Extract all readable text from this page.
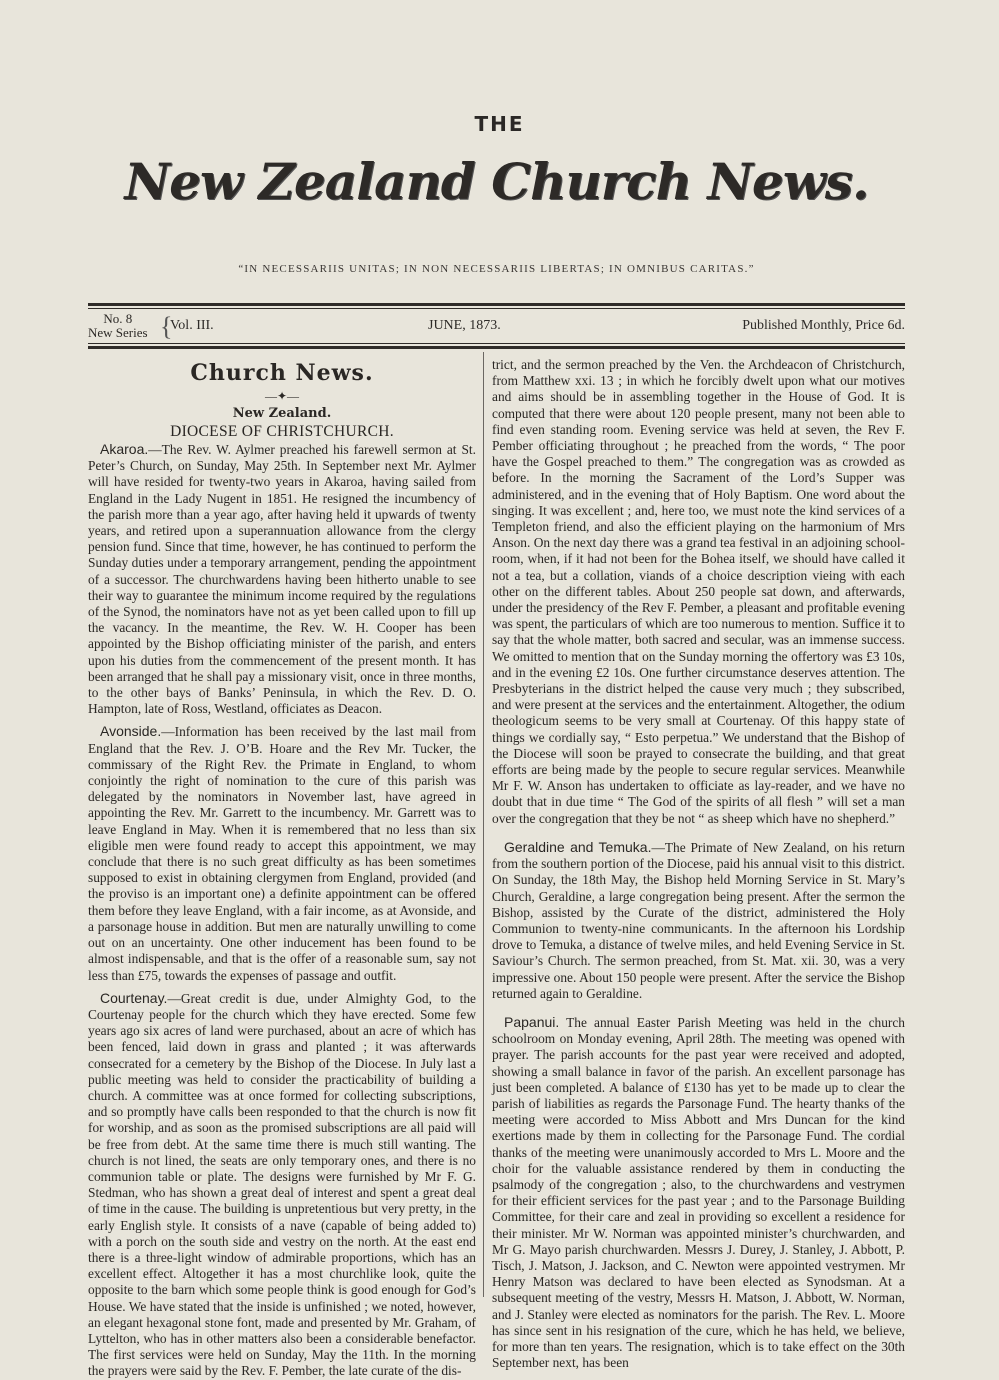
THE
New Zealand Church News.
“IN NECESSARIIS UNITAS; IN NON NECESSARIIS LIBERTAS; IN OMNIBUS CARITAS.”
No. 8
New Series {
Vol. III.	JUNE, 1873.	Published Monthly, Price 6d.
Church News.
—✦—
New Zealand.
DIOCESE OF CHRISTCHURCH.

Akaroa.—The Rev. W. Aylmer preached his farewell sermon at St. Peter’s Church, on Sunday, May 25th. In September next Mr. Aylmer will have resided for twenty-two years in Akaroa, having sailed from England in the Lady Nugent in 1851. He resigned the incumbency of the parish more than a year ago, after having held it upwards of twenty years, and retired upon a superannuation allowance from the clergy pension fund. Since that time, however, he has continued to perform the Sunday duties under a temporary arrangement, pending the appointment of a successor. The churchwardens having been hitherto unable to see their way to guarantee the minimum income required by the regulations of the Synod, the nominators have not as yet been called upon to fill up the vacancy. In the meantime, the Rev. W. H. Cooper has been appointed by the Bishop officiating minister of the parish, and enters upon his duties from the commencement of the present month. It has been arranged that he shall pay a missionary visit, once in three months, to the other bays of Banks’ Peninsula, in which the Rev. D. O. Hampton, late of Ross, Westland, officiates as Deacon.

Avonside.—Information has been received by the last mail from England that the Rev. J. O’B. Hoare and the Rev Mr. Tucker, the commissary of the Right Rev. the Primate in England, to whom conjointly the right of nomination to the cure of this parish was delegated by the nominators in November last, have agreed in appointing the Rev. Mr. Garrett to the incumbency. Mr. Garrett was to leave England in May. When it is remembered that no less than six eligible men were found ready to accept this appointment, we may conclude that there is no such great difficulty as has been sometimes supposed to exist in obtaining clergymen from England, provided (and the proviso is an important one) a definite appointment can be offered them before they leave England, with a fair income, as at Avonside, and a parsonage house in addition. But men are naturally unwilling to come out on an uncertainty. One other inducement has been found to be almost indispensable, and that is the offer of a reasonable sum, say not less than £75, towards the expenses of passage and outfit.

Courtenay.—Great credit is due, under Almighty God, to the Courtenay people for the church which they have erected. Some few years ago six acres of land were purchased, about an acre of which has been fenced, laid down in grass and planted ; it was afterwards consecrated for a cemetery by the Bishop of the Diocese. In July last a public meeting was held to consider the practicability of building a church. A committee was at once formed for collecting subscriptions, and so promptly have calls been responded to that the church is now fit for worship, and as soon as the promised subscriptions are all paid will be free from debt. At the same time there is much still wanting. The church is not lined, the seats are only temporary ones, and there is no communion table or plate. The designs were furnished by Mr F. G. Stedman, who has shown a great deal of interest and spent a great deal of time in the cause. The building is unpretentious but very pretty, in the early English style. It consists of a nave (capable of being added to) with a porch on the south side and vestry on the north. At the east end there is a three-light window of admirable proportions, which has an excellent effect. Altogether it has a most churchlike look, quite the opposite to the barn which some people think is good enough for God’s House. We have stated that the inside is unfinished ; we noted, however, an elegant hexagonal stone font, made and presented by Mr. Graham, of Lyttelton, who has in other matters also been a considerable benefactor. The first services were held on Sunday, May the 11th. In the morning the prayers were said by the Rev. F. Pember, the late curate of the dis-

trict, and the sermon preached by the Ven. the Archdeacon of Christchurch, from Matthew xxi. 13 ; in which he forcibly dwelt upon what our motives and aims should be in assembling together in the House of God. It is computed that there were about 120 people present, many not been able to find even standing room. Evening service was held at seven, the Rev F. Pember officiating throughout ; he preached from the words, “ The poor have the Gospel preached to them.” The congregation was as crowded as before. In the morning the Sacrament of the Lord’s Supper was administered, and in the evening that of Holy Baptism. One word about the singing. It was excellent ; and, here too, we must note the kind services of a Templeton friend, and also the efficient playing on the harmonium of Mrs Anson. On the next day there was a grand tea festival in an adjoining school-room, when, if it had not been for the Bohea itself, we should have called it not a tea, but a collation, viands of a choice description vieing with each other on the different tables. About 250 people sat down, and afterwards, under the presidency of the Rev F. Pember, a pleasant and profitable evening was spent, the particulars of which are too numerous to mention. Suffice it to say that the whole matter, both sacred and secular, was an immense success. We omitted to mention that on the Sunday morning the offertory was £3 10s, and in the evening £2 10s. One further circumstance deserves attention. The Presbyterians in the district helped the cause very much ; they subscribed, and were present at the services and the entertainment. Altogether, the odium theologicum seems to be very small at Courtenay. Of this happy state of things we cordially say, “ Esto perpetua.” We understand that the Bishop of the Diocese will soon be prayed to consecrate the building, and that great efforts are being made by the people to secure regular services. Meanwhile Mr F. W. Anson has undertaken to officiate as lay-reader, and we have no doubt that in due time “ The God of the spirits of all flesh ” will set a man over the congregation that they be not “ as sheep which have no shepherd.”

Geraldine and Temuka.—The Primate of New Zealand, on his return from the southern portion of the Diocese, paid his annual visit to this district. On Sunday, the 18th May, the Bishop held Morning Service in St. Mary’s Church, Geraldine, a large congregation being present. After the sermon the Bishop, assisted by the Curate of the district, administered the Holy Communion to twenty-nine communicants. In the afternoon his Lordship drove to Temuka, a distance of twelve miles, and held Evening Service in St. Saviour’s Church. The sermon preached, from St. Mat. xii. 30, was a very impressive one. About 150 people were present. After the service the Bishop returned again to Geraldine.

Papanui. The annual Easter Parish Meeting was held in the church schoolroom on Monday evening, April 28th. The meeting was opened with prayer. The parish accounts for the past year were received and adopted, showing a small balance in favor of the parish. An excellent parsonage has just been completed. A balance of £130 has yet to be made up to clear the parish of liabilities as regards the Parsonage Fund. The hearty thanks of the meeting were accorded to Miss Abbott and Mrs Duncan for the kind exertions made by them in collecting for the Parsonage Fund. The cordial thanks of the meeting were unanimously accorded to Mrs L. Moore and the choir for the valuable assistance rendered by them in conducting the psalmody of the congregation ; also, to the churchwardens and vestrymen for their efficient services for the past year ; and to the Parsonage Building Committee, for their care and zeal in providing so excellent a residence for their minister. Mr W. Norman was appointed minister’s churchwarden, and Mr G. Mayo parish churchwarden. Messrs J. Durey, J. Stanley, J. Abbott, P. Tisch, J. Matson, J. Jackson, and C. Newton were appointed vestrymen. Mr Henry Matson was declared to have been elected as Synodsman. At a subsequent meeting of the vestry, Messrs H. Matson, J. Abbott, W. Norman, and J. Stanley were elected as nominators for the parish. The Rev. L. Moore has since sent in his resignation of the cure, which he has held, we believe, for more than ten years. The resignation, which is to take effect on the 30th September next, has been
